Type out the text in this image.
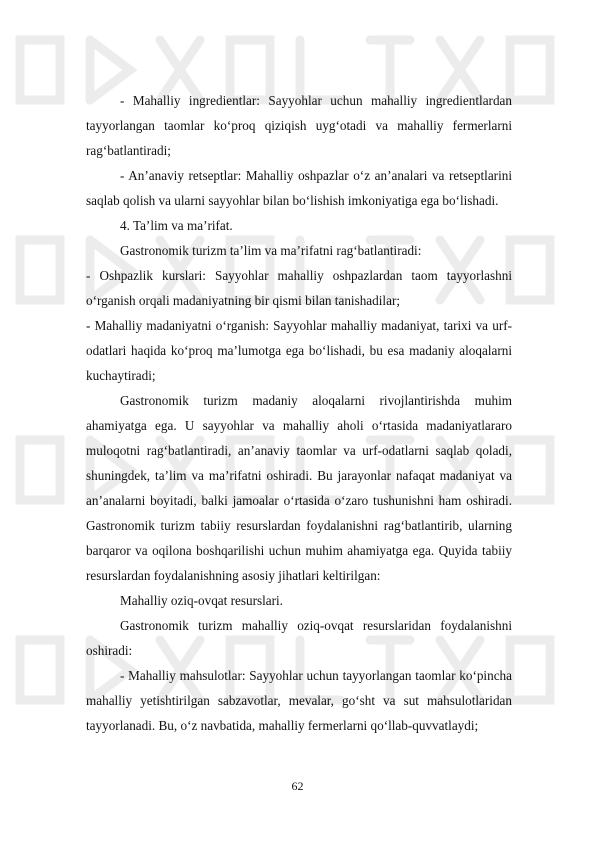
- Mahalliy ingredientlar: Sayyohlar uchun mahalliy ingredientlardan tayyorlangan taomlar ko‘proq qiziqish uyg‘otadi va mahalliy fermerlarni rag‘batlantiradi;

- An’anaviy retseptlar: Mahalliy oshpazlar o‘z an’analari va retseptlarini saqlab qolish va ularni sayyohlar bilan bo‘lishish imkoniyatiga ega bo‘lishadi.

4. Ta’lim va ma’rifat.

Gastronomik turizm ta’lim va ma’rifatni rag‘batlantiradi:

- Oshpazlik kurslari: Sayyohlar mahalliy oshpazlardan taom tayyorlashni o‘rganish orqali madaniyatning bir qismi bilan tanishadilar;

- Mahalliy madaniyatni o‘rganish: Sayyohlar mahalliy madaniyat, tarixi va urf-odatlari haqida ko‘proq ma’lumotga ega bo‘lishadi, bu esa madaniy aloqalarni kuchaytiradi;

Gastronomik turizm madaniy aloqalarni rivojlantirishda muhim ahamiyatga ega. U sayyohlar va mahalliy aholi o‘rtasida madaniyatlararo muloqotni rag‘batlantiradi, an’anaviy taomlar va urf-odatlarni saqlab qoladi, shuningdek, ta’lim va ma’rifatni oshiradi. Bu jarayonlar nafaqat madaniyat va an’analarni boyitadi, balki jamoalar o‘rtasida o‘zaro tushunishni ham oshiradi. Gastronomik turizm tabiiy resurslardan foydalanishni rag‘batlantirib, ularning barqaror va oqilona boshqarilishi uchun muhim ahamiyatga ega. Quyida tabiiy resurslardan foydalanishning asosiy jihatlari keltirilgan:

Mahalliy oziq-ovqat resurslari.

Gastronomik turizm mahalliy oziq-ovqat resurslaridan foydalanishni oshiradi:

- Mahalliy mahsulotlar: Sayyohlar uchun tayyorlangan taomlar ko‘pincha mahalliy yetishtirilgan sabzavotlar, mevalar, go‘sht va sut mahsulotlaridan tayyorlanadi. Bu, o‘z navbatida, mahalliy fermerlarni qo‘llab-quvvatlaydi;

62
